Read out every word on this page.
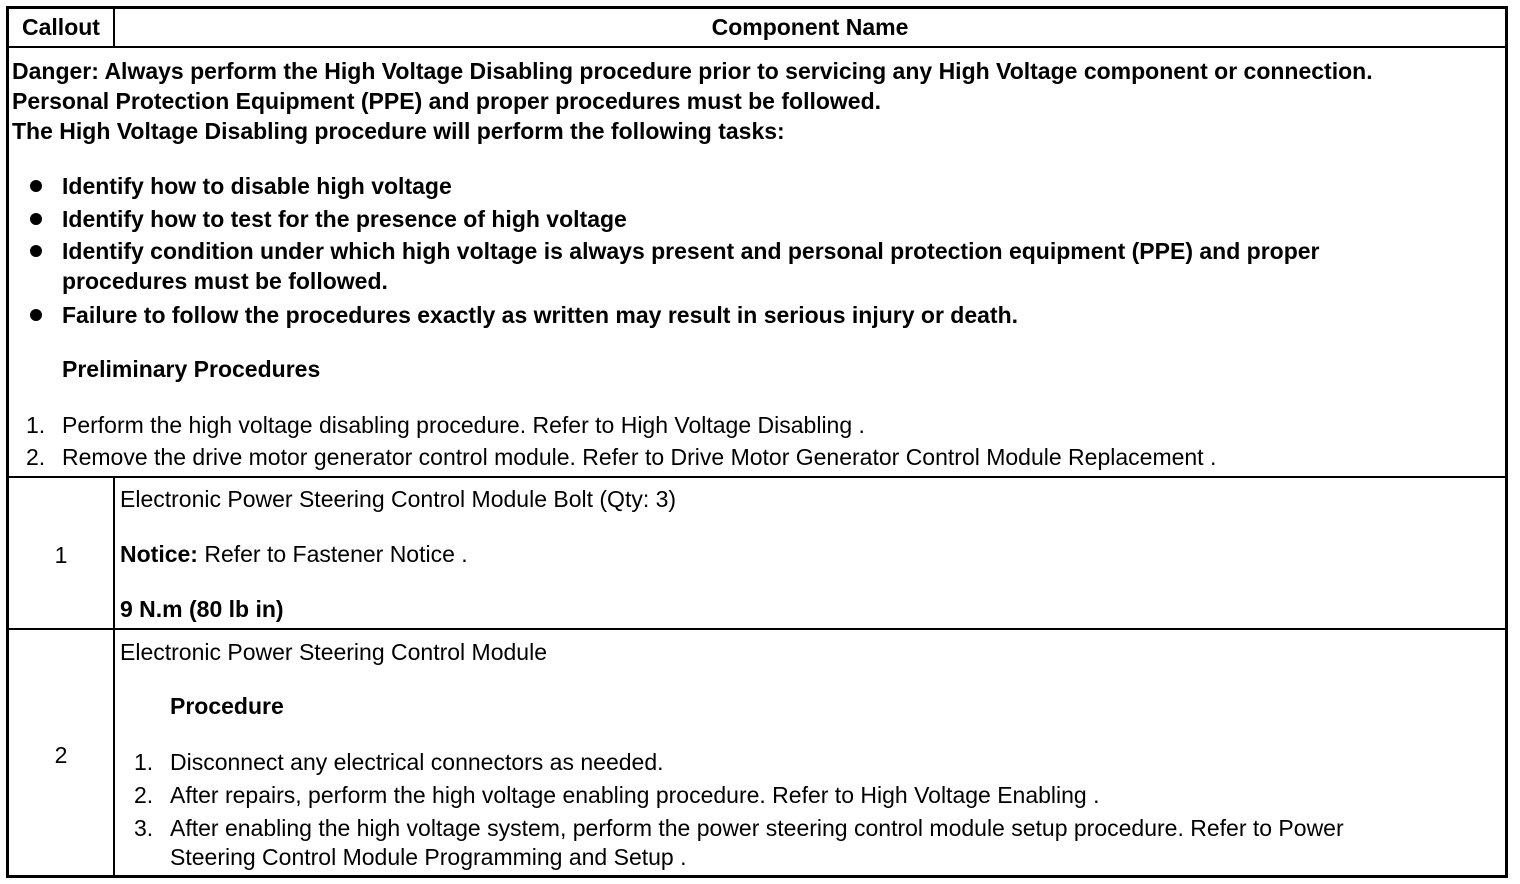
Callout	Component Name
Danger: Always perform the High Voltage Disabling procedure prior to servicing any High Voltage component or connection.
Personal Protection Equipment (PPE) and proper procedures must be followed.
The High Voltage Disabling procedure will perform the following tasks:
Identify how to disable high voltage
Identify how to test for the presence of high voltage
Identify condition under which high voltage is always present and personal protection equipment (PPE) and proper
procedures must be followed.
Failure to follow the procedures exactly as written may result in serious injury or death.
Preliminary Procedures
1. Perform the high voltage disabling procedure. Refer to High Voltage Disabling .
2. Remove the drive motor generator control module. Refer to Drive Motor Generator Control Module Replacement .
1
Electronic Power Steering Control Module Bolt (Qty: 3)
Notice: Refer to Fastener Notice .
9 N.m (80 lb in)
2
Electronic Power Steering Control Module
Procedure
1. Disconnect any electrical connectors as needed.
2. After repairs, perform the high voltage enabling procedure. Refer to High Voltage Enabling .
3. After enabling the high voltage system, perform the power steering control module setup procedure. Refer to Power
Steering Control Module Programming and Setup .
